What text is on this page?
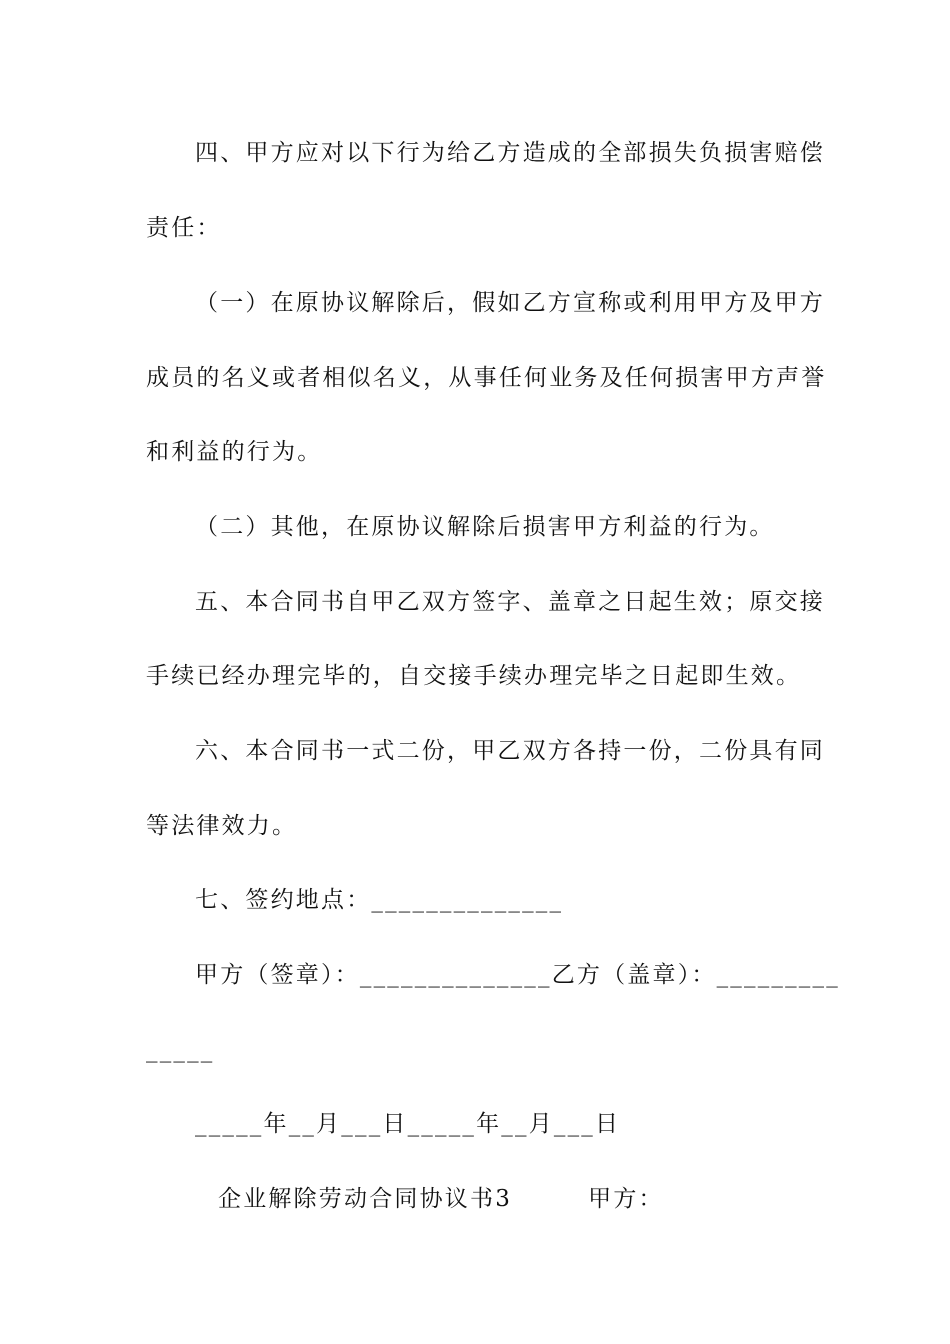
四、甲方应对以下行为给乙方造成的全部损失负损害赔偿
责任：
（一）在原协议解除后，假如乙方宣称或利用甲方及甲方
成员的名义或者相似名义，从事任何业务及任何损害甲方声誉
和利益的行为。
（二）其他，在原协议解除后损害甲方利益的行为。
五、本合同书自甲乙双方签字、盖章之日起生效；原交接
手续已经办理完毕的，自交接手续办理完毕之日起即生效。
六、本合同书一式二份，甲乙双方各持一份，二份具有同
等法律效力。
七、签约地点：______________
甲方（签章）：______________乙方（盖章）：_________
_____
_____年__月___日_____年__月___日
企业解除劳动合同协议书3        甲方：
